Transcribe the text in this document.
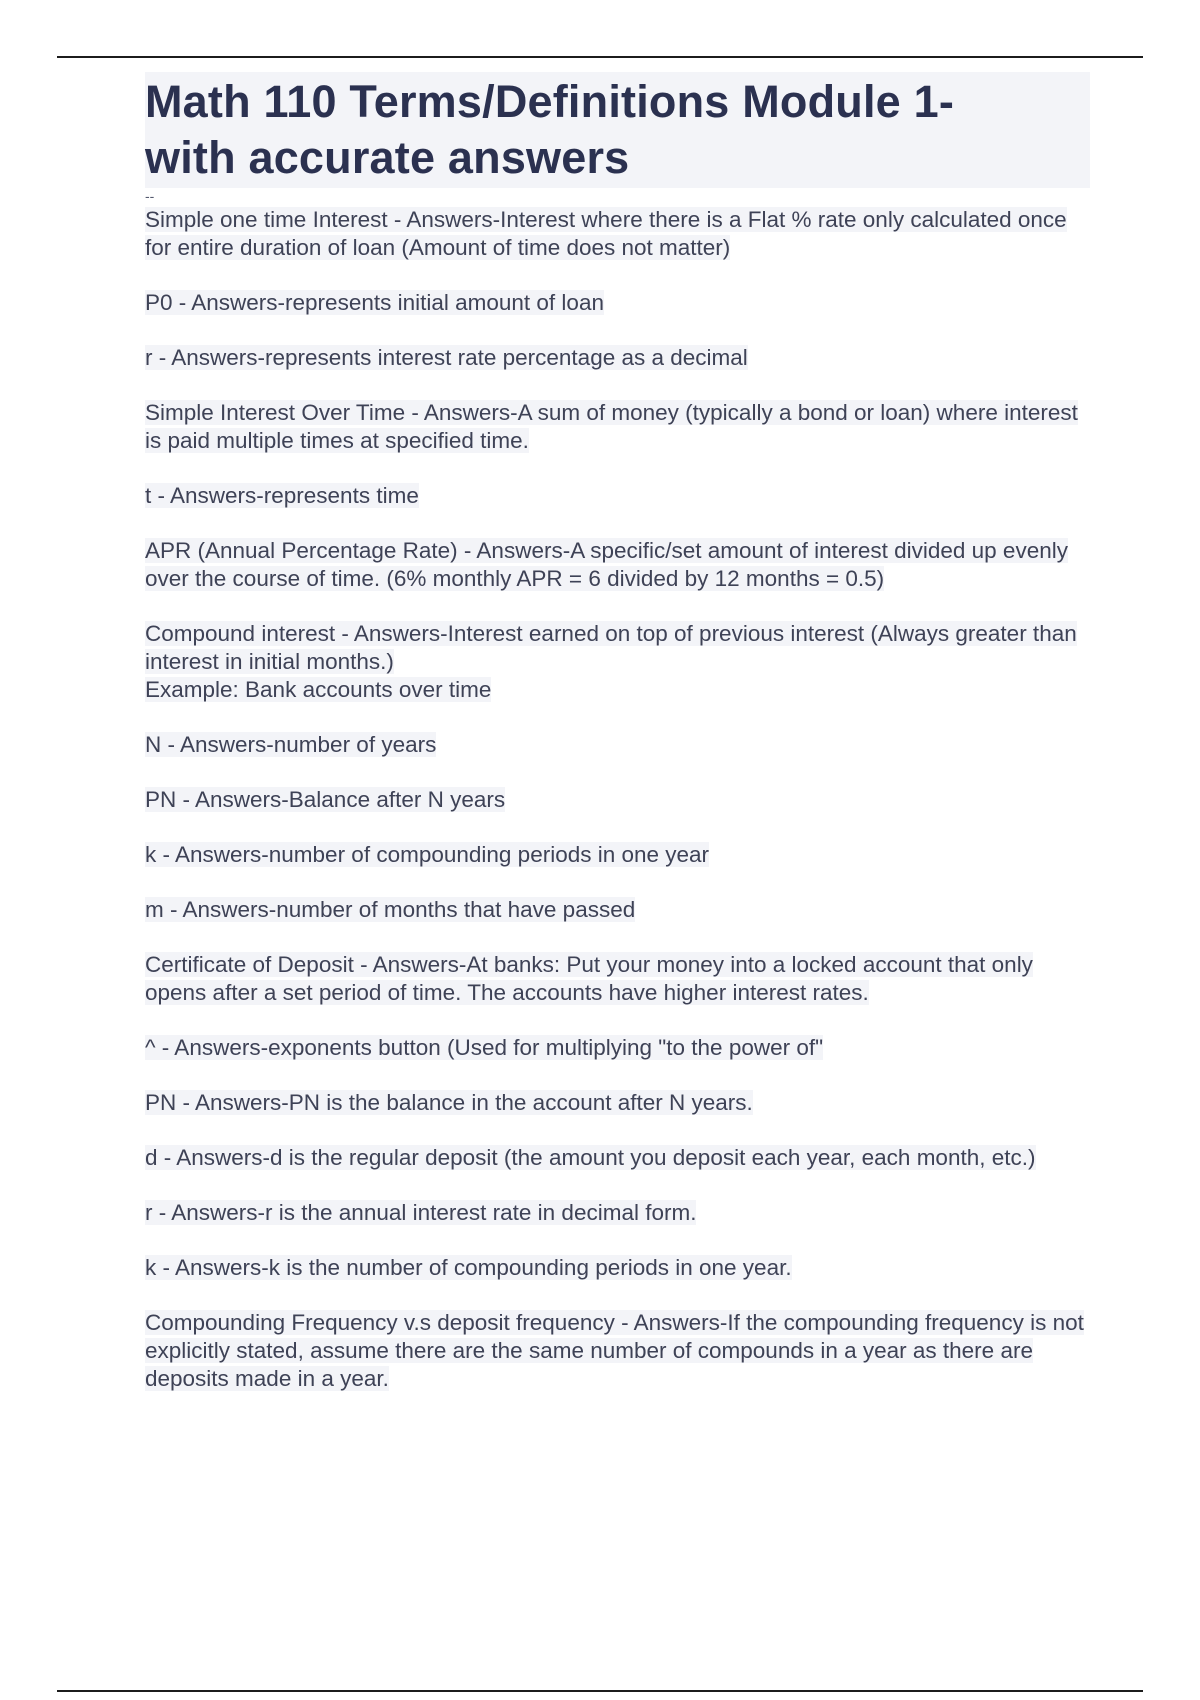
Math 110 Terms/Definitions Module 1-
with accurate answers
--

Simple one time Interest - Answers-Interest where there is a Flat % rate only calculated once for entire duration of loan (Amount of time does not matter)

P0 - Answers-represents initial amount of loan

r - Answers-represents interest rate percentage as a decimal

Simple Interest Over Time - Answers-A sum of money (typically a bond or loan) where interest is paid multiple times at specified time.

t - Answers-represents time

APR (Annual Percentage Rate) - Answers-A specific/set amount of interest divided up evenly over the course of time. (6% monthly APR = 6 divided by 12 months = 0.5)

Compound interest - Answers-Interest earned on top of previous interest (Always greater than interest in initial months.)
Example: Bank accounts over time

N - Answers-number of years

PN - Answers-Balance after N years

k - Answers-number of compounding periods in one year

m - Answers-number of months that have passed

Certificate of Deposit - Answers-At banks: Put your money into a locked account that only opens after a set period of time. The accounts have higher interest rates.

^ - Answers-exponents button (Used for multiplying "to the power of"

PN - Answers-PN is the balance in the account after N years.

d - Answers-d is the regular deposit (the amount you deposit each year, each month, etc.)

r - Answers-r is the annual interest rate in decimal form.

k - Answers-k is the number of compounding periods in one year.

Compounding Frequency v.s deposit frequency - Answers-If the compounding frequency is not explicitly stated, assume there are the same number of compounds in a year as there are deposits made in a year.
